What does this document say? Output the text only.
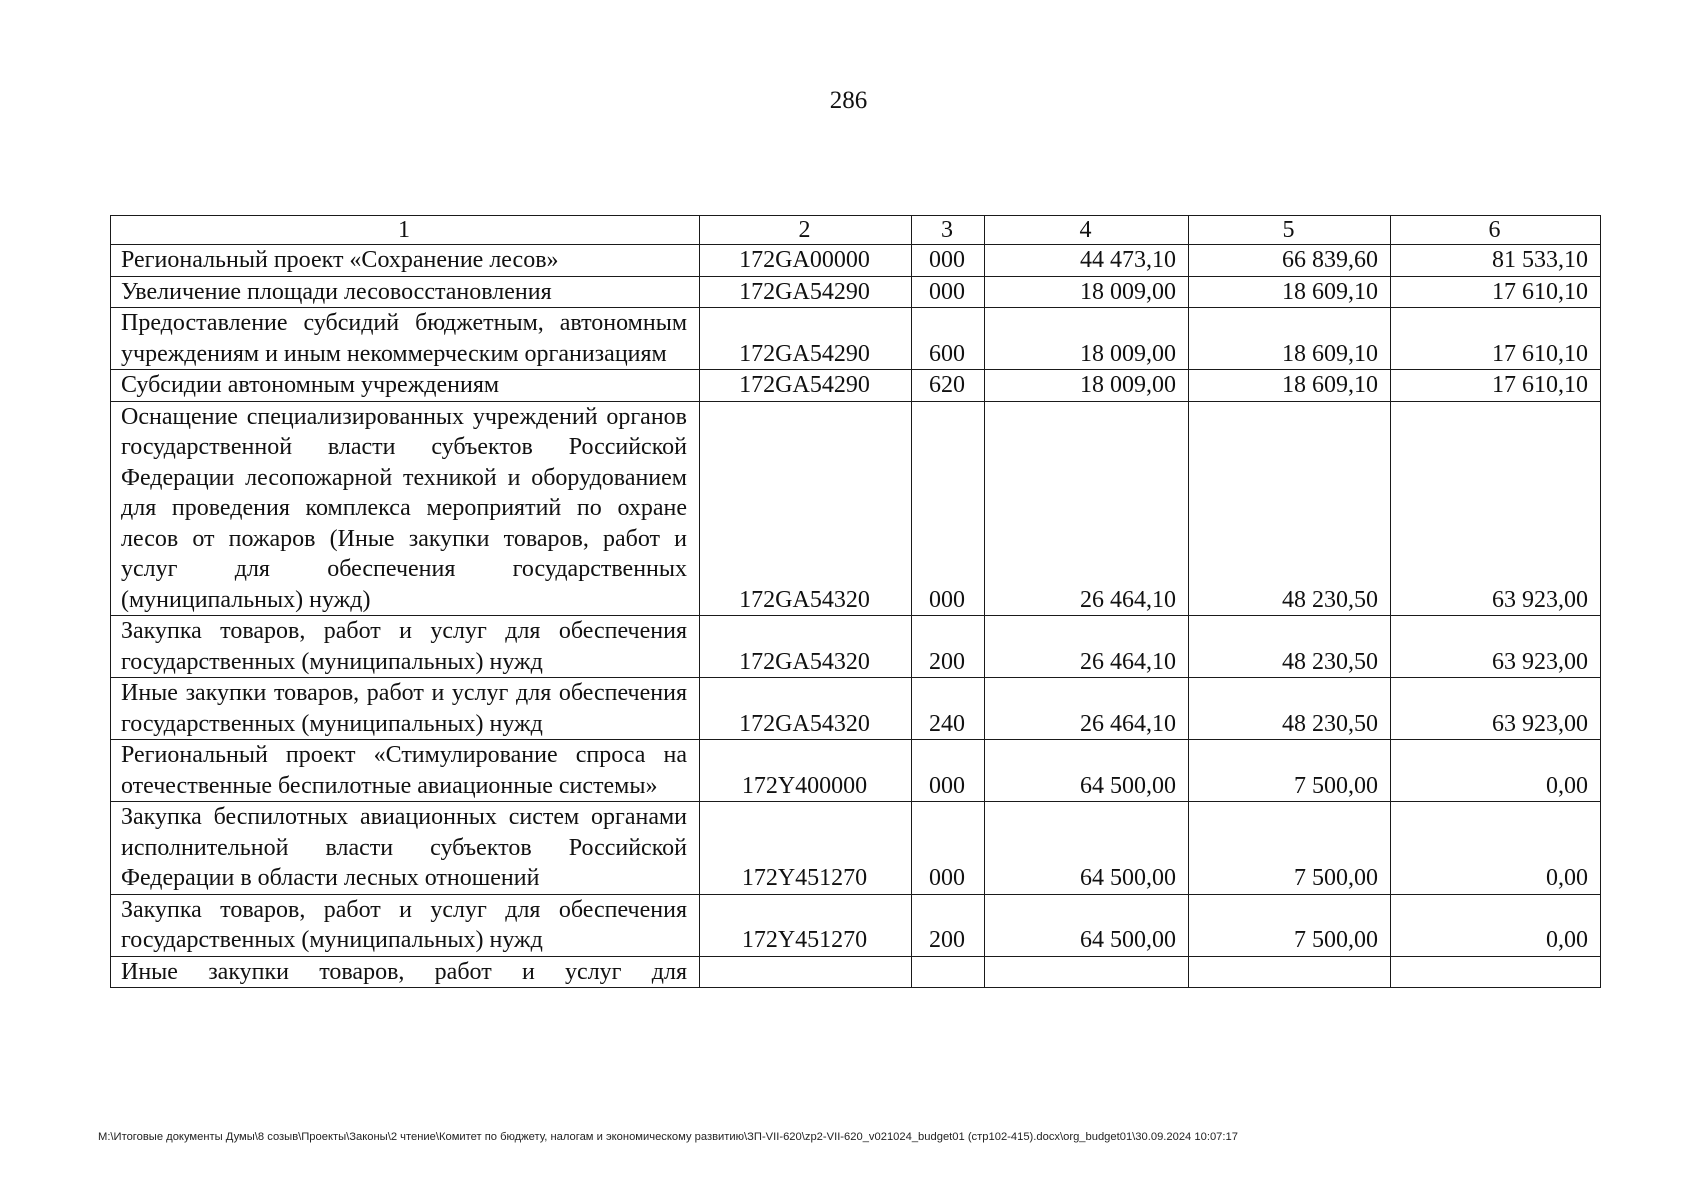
286
1	2	3	4	5	6
Региональный проект «Сохранение лесов»	172GA00000	000	44 473,10	66 839,60	81 533,10
Увеличение площади лесовосстановления	172GA54290	000	18 009,00	18 609,10	17 610,10
Предоставление субсидий бюджетным, автономным учреждениям и иным некоммерческим организациям	172GA54290	600	18 009,00	18 609,10	17 610,10
Субсидии автономным учреждениям	172GA54290	620	18 009,00	18 609,10	17 610,10
Оснащение специализированных учреждений органов государственной власти субъектов Российской Федерации лесопожарной техникой и оборудованием для проведения комплекса мероприятий по охране лесов от пожаров (Иные закупки товаров, работ и услуг для обеспечения государственных (муниципальных) нужд)	172GA54320	000	26 464,10	48 230,50	63 923,00
Закупка товаров, работ и услуг для обеспечения государственных (муниципальных) нужд	172GA54320	200	26 464,10	48 230,50	63 923,00
Иные закупки товаров, работ и услуг для обеспечения государственных (муниципальных) нужд	172GA54320	240	26 464,10	48 230,50	63 923,00
Региональный проект «Стимулирование спроса на отечественные беспилотные авиационные системы»	172Y400000	000	64 500,00	7 500,00	0,00
Закупка беспилотных авиационных систем органами исполнительной власти субъектов Российской Федерации в области лесных отношений	172Y451270	000	64 500,00	7 500,00	0,00
Закупка товаров, работ и услуг для обеспечения государственных (муниципальных) нужд	172Y451270	200	64 500,00	7 500,00	0,00
Иные закупки товаров, работ и услуг для					
M:\Итоговые документы Думы\8 созыв\Проекты\Законы\2 чтение\Комитет по бюджету, налогам и экономическому развитию\ЗП-VII-620\zp2-VII-620_v021024_budget01 (стр102-415).docx\org_budget01\30.09.2024 10:07:17
